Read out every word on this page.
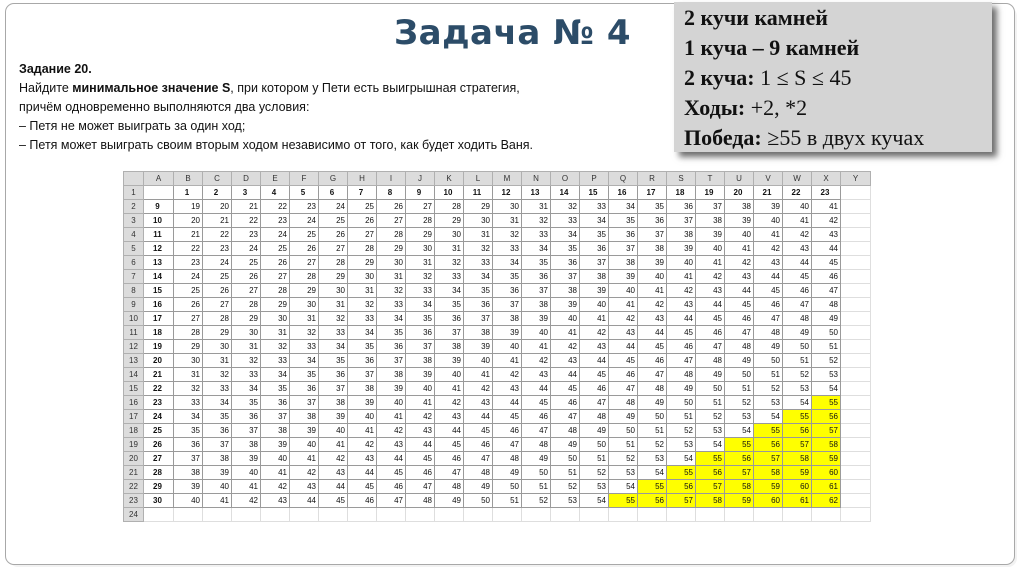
Задача № 4 2 кучи камней
1 куча – 9 камней
2 куча: 1 ≤ S ≤ 45
Ходы: +2, *2
Победа: ≥55 в двух кучах
Задание 20.
Найдите минимальное значение S, при котором у Пети есть выигрышная стратегия,
причём одновременно выполняются два условия:
– Петя не может выиграть за один ход;
– Петя может выиграть своим вторым ходом независимо от того, как будет ходить Ваня.
	A	B	C	D	E	F	G	H	I	J	K	L	M	N	O	P	Q	R	S	T	U	V	W	X	Y
1		1	2	3	4	5	6	7	8	9	10	11	12	13	14	15	16	17	18	19	20	21	22	23	
2	9	19	20	21	22	23	24	25	26	27	28	29	30	31	32	33	34	35	36	37	38	39	40	41	
3	10	20	21	22	23	24	25	26	27	28	29	30	31	32	33	34	35	36	37	38	39	40	41	42	
4	11	21	22	23	24	25	26	27	28	29	30	31	32	33	34	35	36	37	38	39	40	41	42	43	
5	12	22	23	24	25	26	27	28	29	30	31	32	33	34	35	36	37	38	39	40	41	42	43	44	
6	13	23	24	25	26	27	28	29	30	31	32	33	34	35	36	37	38	39	40	41	42	43	44	45	
7	14	24	25	26	27	28	29	30	31	32	33	34	35	36	37	38	39	40	41	42	43	44	45	46	
8	15	25	26	27	28	29	30	31	32	33	34	35	36	37	38	39	40	41	42	43	44	45	46	47	
9	16	26	27	28	29	30	31	32	33	34	35	36	37	38	39	40	41	42	43	44	45	46	47	48	
10	17	27	28	29	30	31	32	33	34	35	36	37	38	39	40	41	42	43	44	45	46	47	48	49	
11	18	28	29	30	31	32	33	34	35	36	37	38	39	40	41	42	43	44	45	46	47	48	49	50	
12	19	29	30	31	32	33	34	35	36	37	38	39	40	41	42	43	44	45	46	47	48	49	50	51	
13	20	30	31	32	33	34	35	36	37	38	39	40	41	42	43	44	45	46	47	48	49	50	51	52	
14	21	31	32	33	34	35	36	37	38	39	40	41	42	43	44	45	46	47	48	49	50	51	52	53	
15	22	32	33	34	35	36	37	38	39	40	41	42	43	44	45	46	47	48	49	50	51	52	53	54	
16	23	33	34	35	36	37	38	39	40	41	42	43	44	45	46	47	48	49	50	51	52	53	54	55	
17	24	34	35	36	37	38	39	40	41	42	43	44	45	46	47	48	49	50	51	52	53	54	55	56	
18	25	35	36	37	38	39	40	41	42	43	44	45	46	47	48	49	50	51	52	53	54	55	56	57	
19	26	36	37	38	39	40	41	42	43	44	45	46	47	48	49	50	51	52	53	54	55	56	57	58	
20	27	37	38	39	40	41	42	43	44	45	46	47	48	49	50	51	52	53	54	55	56	57	58	59	
21	28	38	39	40	41	42	43	44	45	46	47	48	49	50	51	52	53	54	55	56	57	58	59	60	
22	29	39	40	41	42	43	44	45	46	47	48	49	50	51	52	53	54	55	56	57	58	59	60	61	
23	30	40	41	42	43	44	45	46	47	48	49	50	51	52	53	54	55	56	57	58	59	60	61	62	
24																									
